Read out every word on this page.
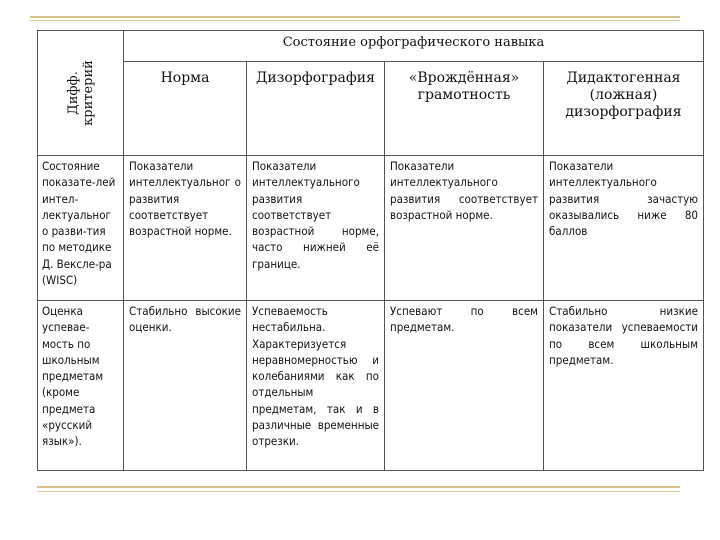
Дифф. критерий	Состояние орфографического навыка			
	Норма	Дизорфография	«Врождённая» грамотность	Дидактогенная (ложная) дизорфография
Состояние показате-лей интел-лектуальног о разви-тия по методике Д. Вексле-ра (WISC)	Показатели интеллектуальног о развития соответствует возрастной норме.	Показатели интеллектуального развития соответствует возрастной норме, часто нижней её границе.	Показатели интеллектуального развития соответствует возрастной норме.	Показатели интеллектуального развития зачастую оказывались ниже 80 баллов
Оценка успевае-мость по школьным предметам (кроме предмета «русский язык»).	Стабильно высокие оценки.	Успеваемость нестабильна. Характеризуется неравномерностью и колебаниями как по отдельным предметам, так и в различные временные отрезки.	Успевают по всем предметам.	Стабильно низкие показатели успеваемости по всем школьным предметам.
